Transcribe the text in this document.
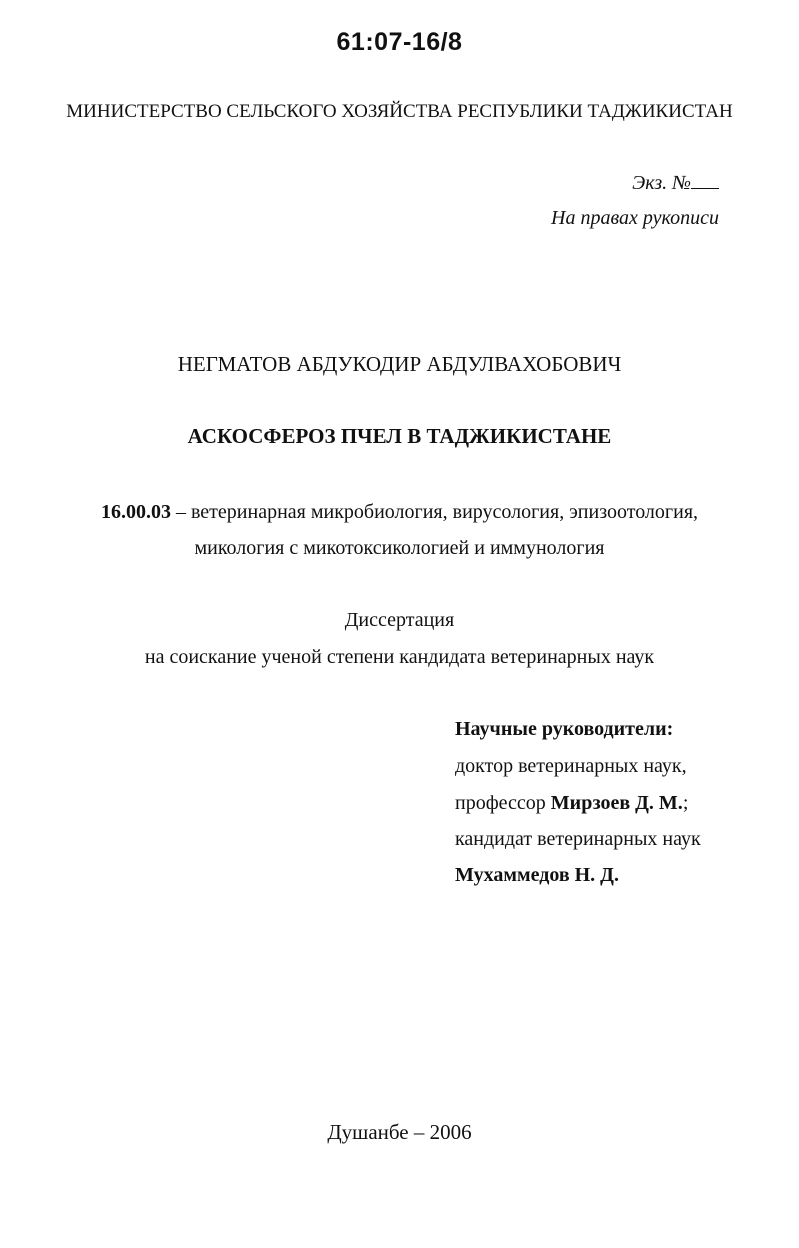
61:07-16/8
МИНИСТЕРСТВО СЕЛЬСКОГО ХОЗЯЙСТВА РЕСПУБЛИКИ ТАДЖИКИСТАН
Экз. №
На правах рукописи
НЕГМАТОВ АБДУКОДИР АБДУЛВАХОБОВИЧ
АСКОСФЕРОЗ ПЧЕЛ В ТАДЖИКИСТАНЕ
16.00.03 – ветеринарная микробиология, вирусология, эпизоотология,
микология с микотоксикологией и иммунология
Диссертация
на соискание ученой степени кандидата ветеринарных наук
Научные руководители:
доктор ветеринарных наук,
профессор Мирзоев Д. М.;
кандидат ветеринарных наук
Мухаммедов Н. Д.
Душанбе – 2006
